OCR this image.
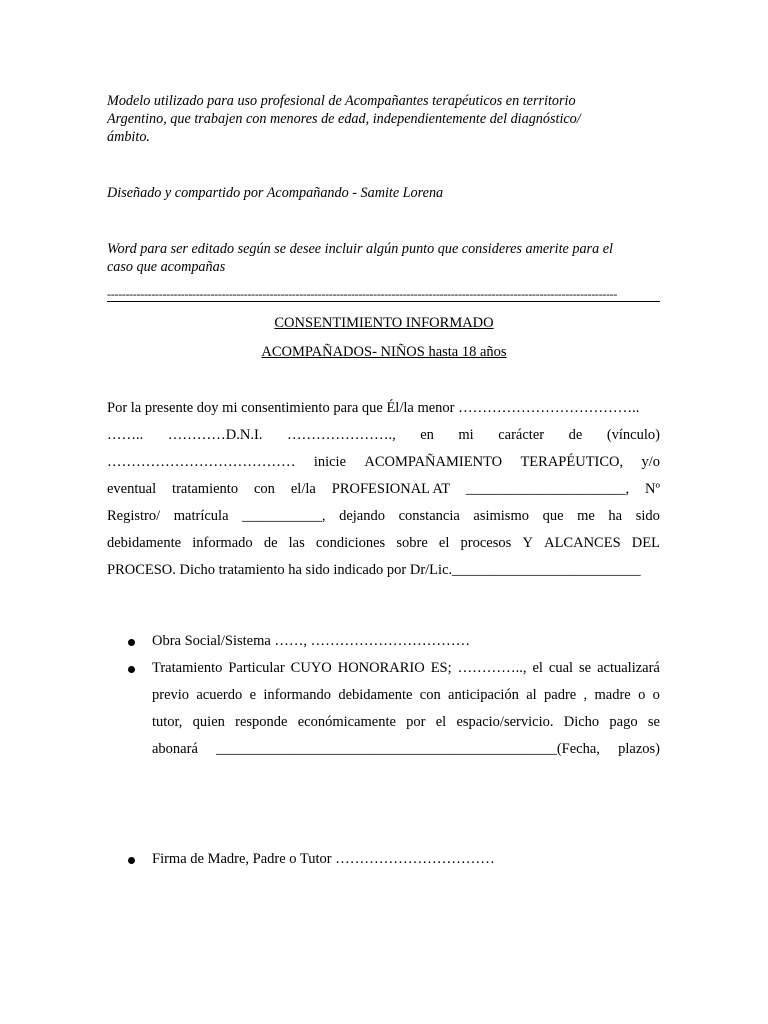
Modelo utilizado para uso profesional de Acompañantes terapéuticos en territorio

Argentino, que trabajen con menores de edad, independientemente del diagnóstico/

ámbito.

Diseñado y compartido por Acompañando - Samite Lorena

Word para ser editado según se desee incluir algún punto que consideres amerite para el

caso que acompañas

------------------------------------------------------------------------------------------------------------------------------------------
CONSENTIMIENTO INFORMADO
ACOMPAÑADOS- NIÑOS hasta 18 años
Por la presente doy mi consentimiento para que Él/la menor ………………………………..
…….. …………D.N.I. …………………., en mi carácter de (vínculo)
………………………………… inicie ACOMPAÑAMIENTO TERAPÉUTICO, y/o
eventual tratamiento con el/la PROFESIONAL AT ______________________, Nº
Registro/ matrícula ___________, dejando constancia asimismo que me ha sido
debidamente informado de las condiciones sobre el procesos Y ALCANCES DEL
PROCESO. Dicho tratamiento ha sido indicado por Dr/Lic.__________________________
Obra Social/Sistema ……, ……………………………
Tratamiento Particular CUYO HONORARIO ES; ………….., el cual se actualizará
previo acuerdo e informando debidamente con anticipación al padre , madre o o
tutor, quien responde económicamente por el espacio/servicio. Dicho pago se
abonará _______________________________________________(Fecha, plazos)
Firma de Madre, Padre o Tutor ……………………………
